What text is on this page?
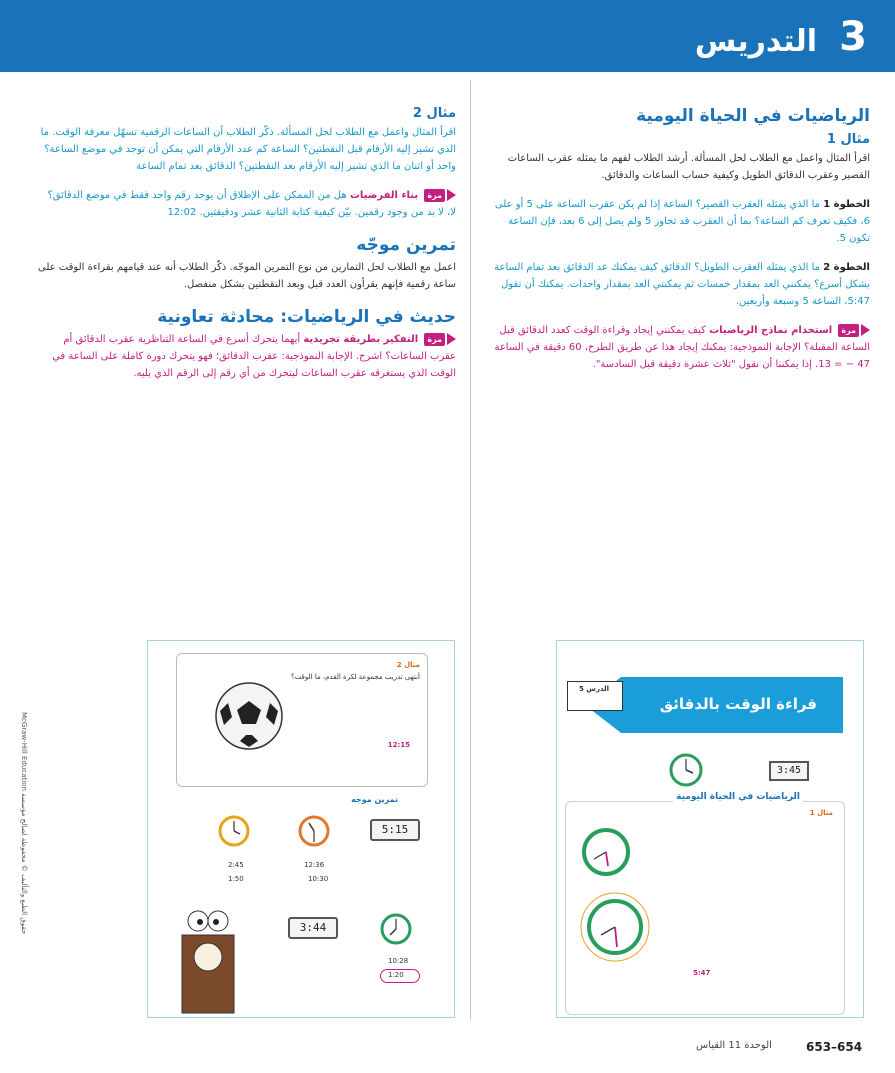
3
التدريس
الرياضيات في الحياة اليومية
مثال 1
اقرأ المثال واعمل مع الطلاب لحل المسألة. أرشد الطلاب لفهم ما يمثله عقرب الساعات القصير وعقرب الدقائق الطويل وكيفية حساب الساعات والدقائق.
الخطوة 1 ما الذي يمثله العقرب القصير؟ الساعة إذا لم يكن عقرب الساعة على 5 أو على 6، فكيف تعرف كم الساعة؟ بما أن العقرب قد تجاوز 5 ولم يصل إلى 6 بعد، فإن الساعة تكون 5.
الخطوة 2 ما الذي يمثله العقرب الطويل؟ الدقائق كيف يمكنك عد الدقائق بعد تمام الساعة بشكل أسرع؟ يمكنني العد بمقدار خمسات ثم يمكنني العد بمقدار واحدات. يمكنك أن تقول 5:47، الساعة 5 وسبعة وأربعين.
مرة استخدام نماذج الرياضيات كيف يمكنني إيجاد وقراءة الوقت كعدد الدقائق قبل الساعة المقبلة؟ الإجابة النموذجية: يمكنك إيجاد هذا عن طريق الطرح، 60 دقيقة في الساعة 47 − = 13. إذا يمكننا أن نقول "ثلاث عشرة دقيقة قبل السادسة".
مثال 2
اقرأ المثال واعمل مع الطلاب لحل المسألة. ذكّر الطلاب أن الساعات الرقمية تسهّل معرفة الوقت. ما الذي تشير إليه الأرقام قبل النقطتين؟ الساعة كم عدد الأرقام التي يمكن أن توجد في موضع الساعة؟ واحد أو اثنان ما الذي تشير إليه الأرقام بعد النقطتين؟ الدقائق بعد تمام الساعة
مرة بناء الفرضيات هل من الممكن على الإطلاق أن يوجد رقم واحد فقط في موضع الدقائق؟ لا، لا بد من وجود رقمين. بيّن كيفية كتابة الثانية عشر ودقيقتين. 12:02
تمرين موجّه
اعمل مع الطلاب لحل التمارين من نوع التمرين الموجّه. ذكّر الطلاب أنه عند قيامهم بقراءة الوقت على ساعة رقمية فإنهم يقرأون العدد قبل وبعد النقطتين بشكل منفصل.
حديث في الرياضيات: محادثة تعاونية
مرة التفكير بطريقة تجريدية أيهما يتحرك أسرع في الساعة التناظرية عقرب الدقائق أم عقرب الساعات؟ اشرح. الإجابة النموذجية: عقرب الدقائق؛ فهو يتحرك دورة كاملة على الساعة في الوقت الذي يستغرقه عقرب الساعات ليتحرك من أي رقم إلى الرقم الذي يليه.
مثال 2
أنتهى تدريب مجموعة لكرة القدم، ما الوقت؟
12:15
تمرين موجه
5:15
2:45
1:50
12:36
10:30
3:44
10:28
1:20
قراءة الوقت بالدقائق
الدرس 5
3:45
الرياضيات في الحياة اليومية
مثال 1
5:47
McGraw-Hill Education حقوق الطبع والتأليف © محفوظة لصالح مؤسسة
الوحدة 11 القياس	653–654
